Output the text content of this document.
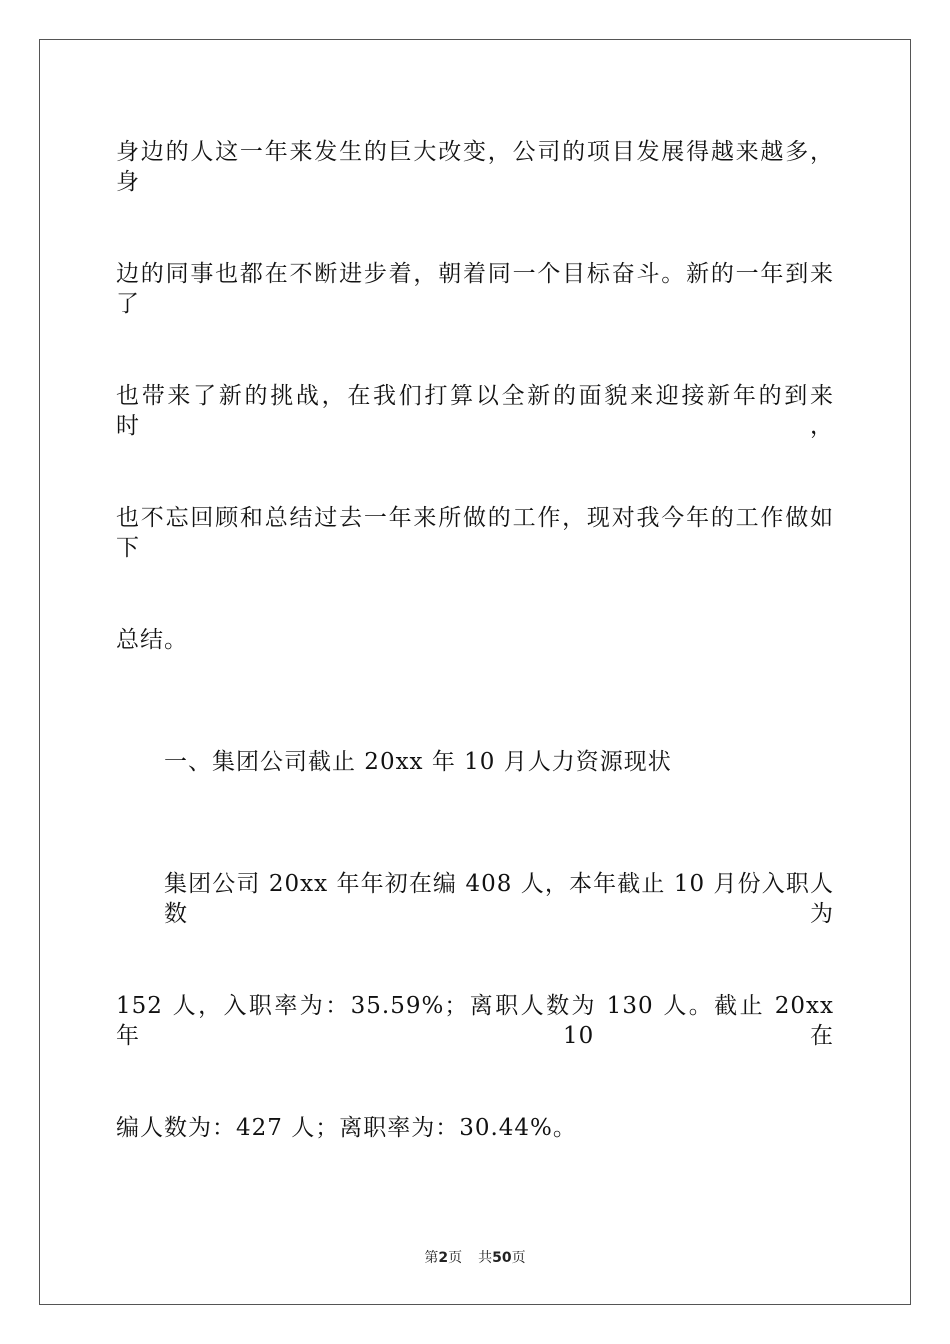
身边的人这一年来发生的巨大改变，公司的项目发展得越来越多，身
边的同事也都在不断进步着，朝着同一个目标奋斗。新的一年到来了
也带来了新的挑战，在我们打算以全新的面貌来迎接新年的到来时，
也不忘回顾和总结过去一年来所做的工作，现对我今年的工作做如下
总结。
一、集团公司截止 20xx 年 10 月人力资源现状
集团公司 20xx 年年初在编 408 人，本年截止 10 月份入职人数为
152 人，入职率为：35.59%；离职人数为 130 人。截止 20xx 年 10 在
编人数为：427 人；离职率为：30.44%。
第2页 共50页
